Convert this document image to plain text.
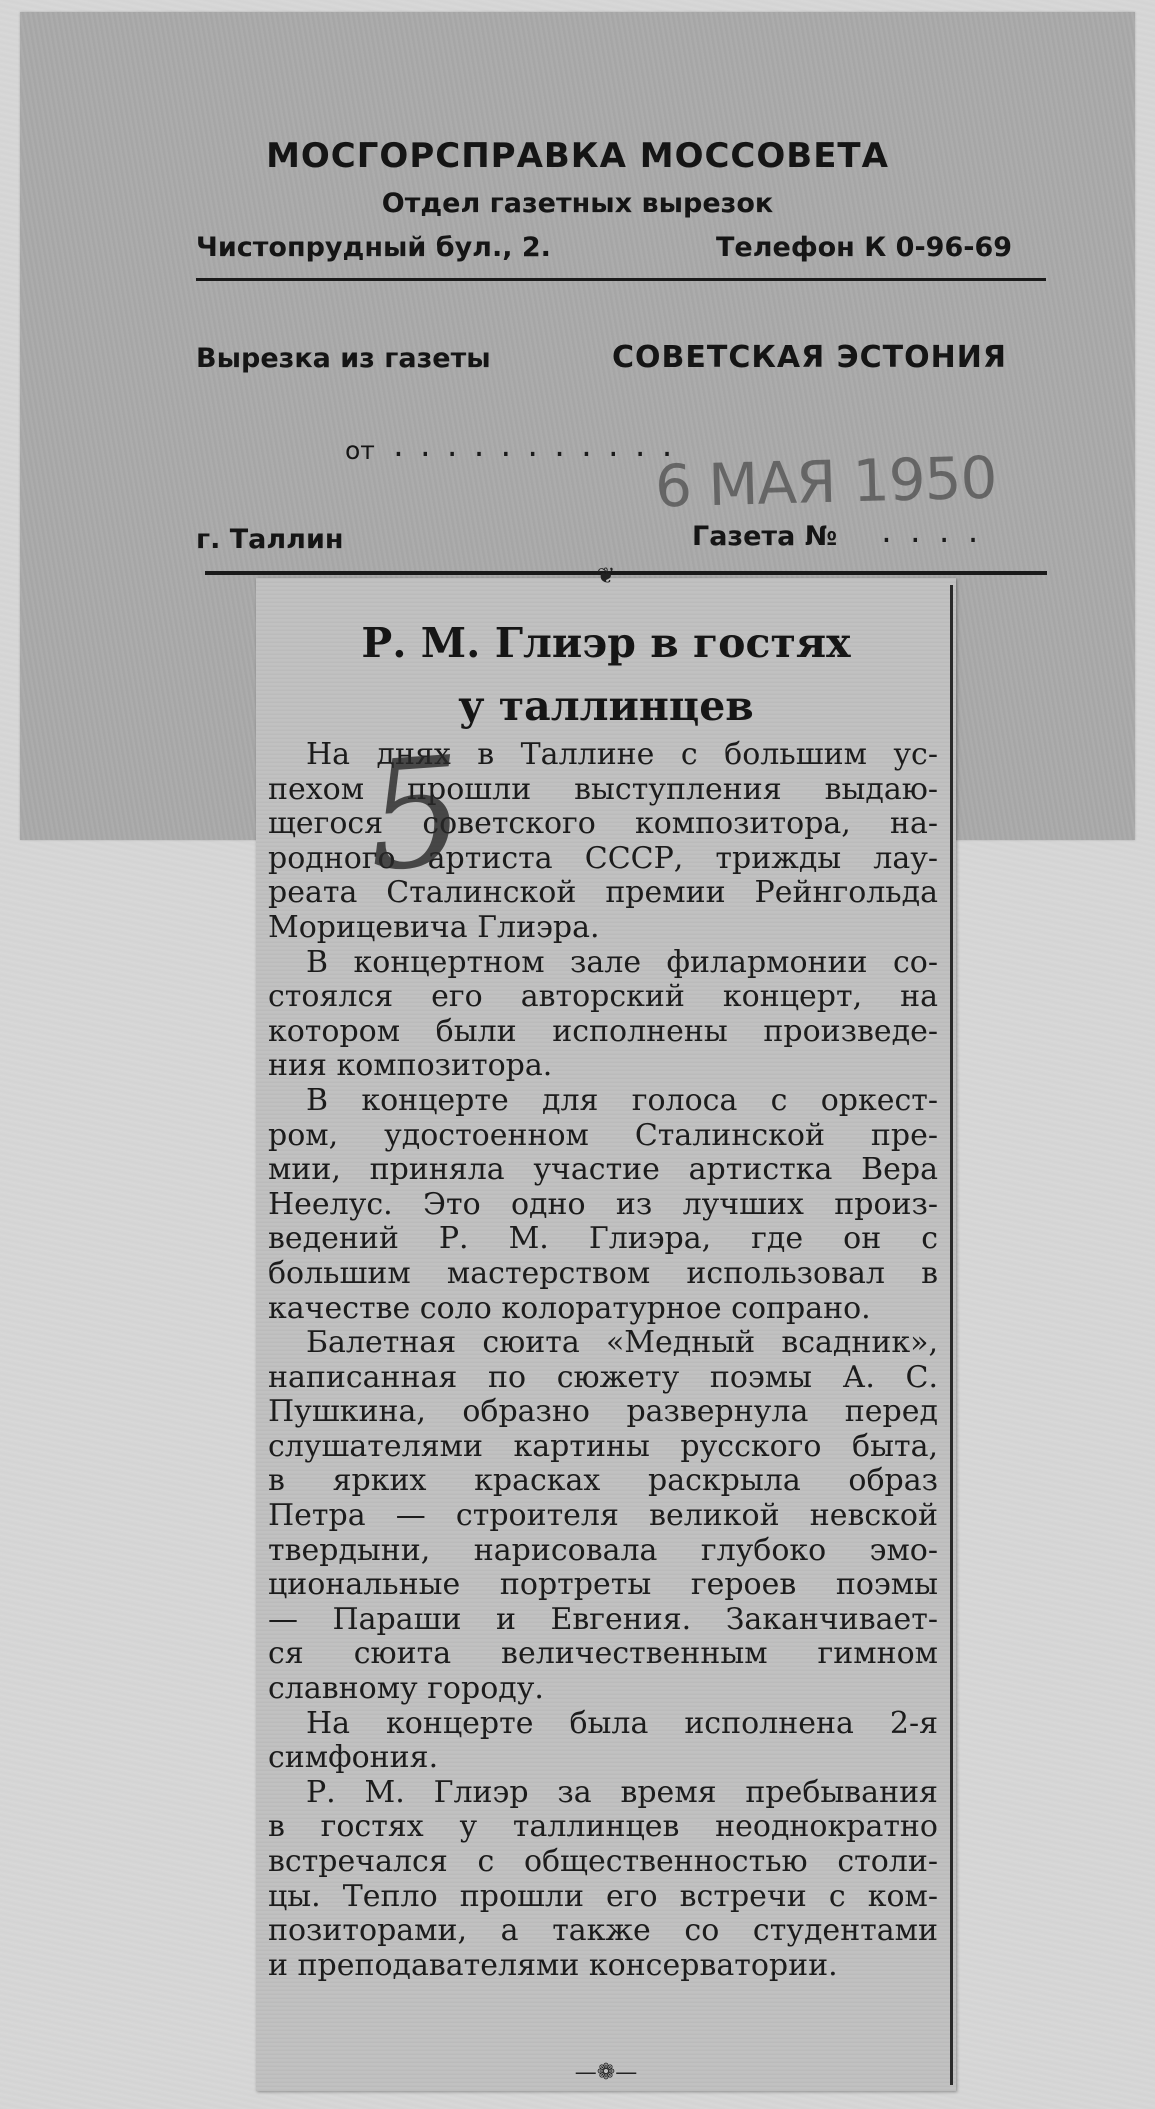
МОСГОРСПРАВКА МОССОВЕТА
Отдел газетных вырезок
Чистопрудный бул., 2.	Телефон К 0-96-69
Вырезка из газеты	СОВЕТСКАЯ ЭСТОНИЯ
от ...........
6 МАЯ 1950
г. Таллин	Газета № ....
❦
Р. М. Глиэр в гостях
у таллинцев
На днях в Таллине с большим ус-
пехом прошли выступления выдаю-
щегося советского композитора, на-
родного артиста СССР, трижды лау-
реата Сталинской премии Рейнгольда
Морицевича Глиэра.
В концертном зале филармонии со-
стоялся его авторский концерт, на
котором были исполнены произведе-
ния композитора.
В концерте для голоса с оркест-
ром, удостоенном Сталинской пре-
мии, приняла участие артистка Вера
Неелус. Это одно из лучших произ-
ведений Р. М. Глиэра, где он с
большим мастерством использовал в
качестве соло колоратурное сопрано.
Балетная сюита «Медный всадник»,
написанная по сюжету поэмы А. С.
Пушкина, образно развернула перед
слушателями картины русского быта,
в ярких красках раскрыла образ
Петра — строителя великой невской
твердыни, нарисовала глубоко эмо-
циональные портреты героев поэмы
— Параши и Евгения. Заканчивает-
ся сюита величественным гимном
славному городу.
На концерте была исполнена 2-я
симфония.
Р. М. Глиэр за время пребывания
в гостях у таллинцев неоднократно
встречался с общественностью столи-
цы. Тепло прошли его встречи с ком-
позиторами, а также со студентами
и преподавателями консерватории.
5
—❁—
